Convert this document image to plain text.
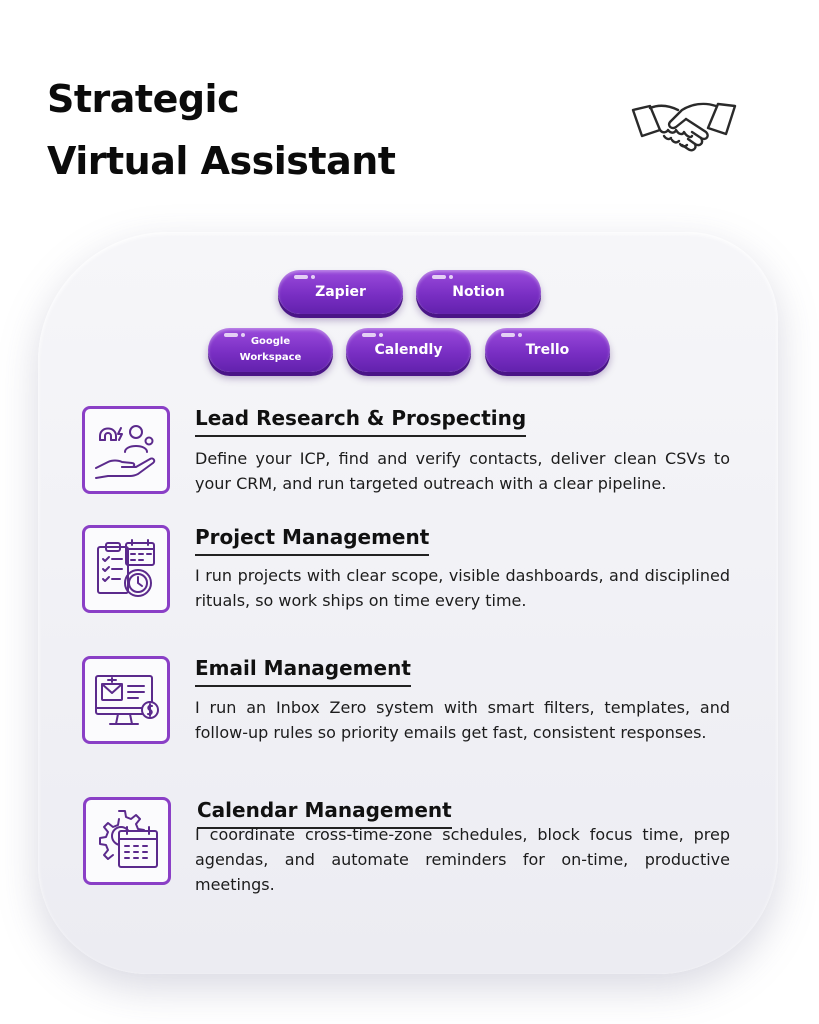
Strategic
Virtual Assistant
Zapier	Notion
Google
Workspace	Calendly	Trello
Lead Research & Prospecting

Define your ICP, find and verify contacts, deliver clean CSVs to your CRM, and run targeted outreach with a clear pipeline.

Project Management

I run projects with clear scope, visible dashboards, and disciplined rituals, so work ships on time every time.

Email Management

I run an Inbox Zero system with smart filters, templates, and follow-up rules so priority emails get fast, consistent responses.

Calendar Management

I coordinate cross-time-zone schedules, block focus time, prep agendas, and automate reminders for on-time, productive meetings.
